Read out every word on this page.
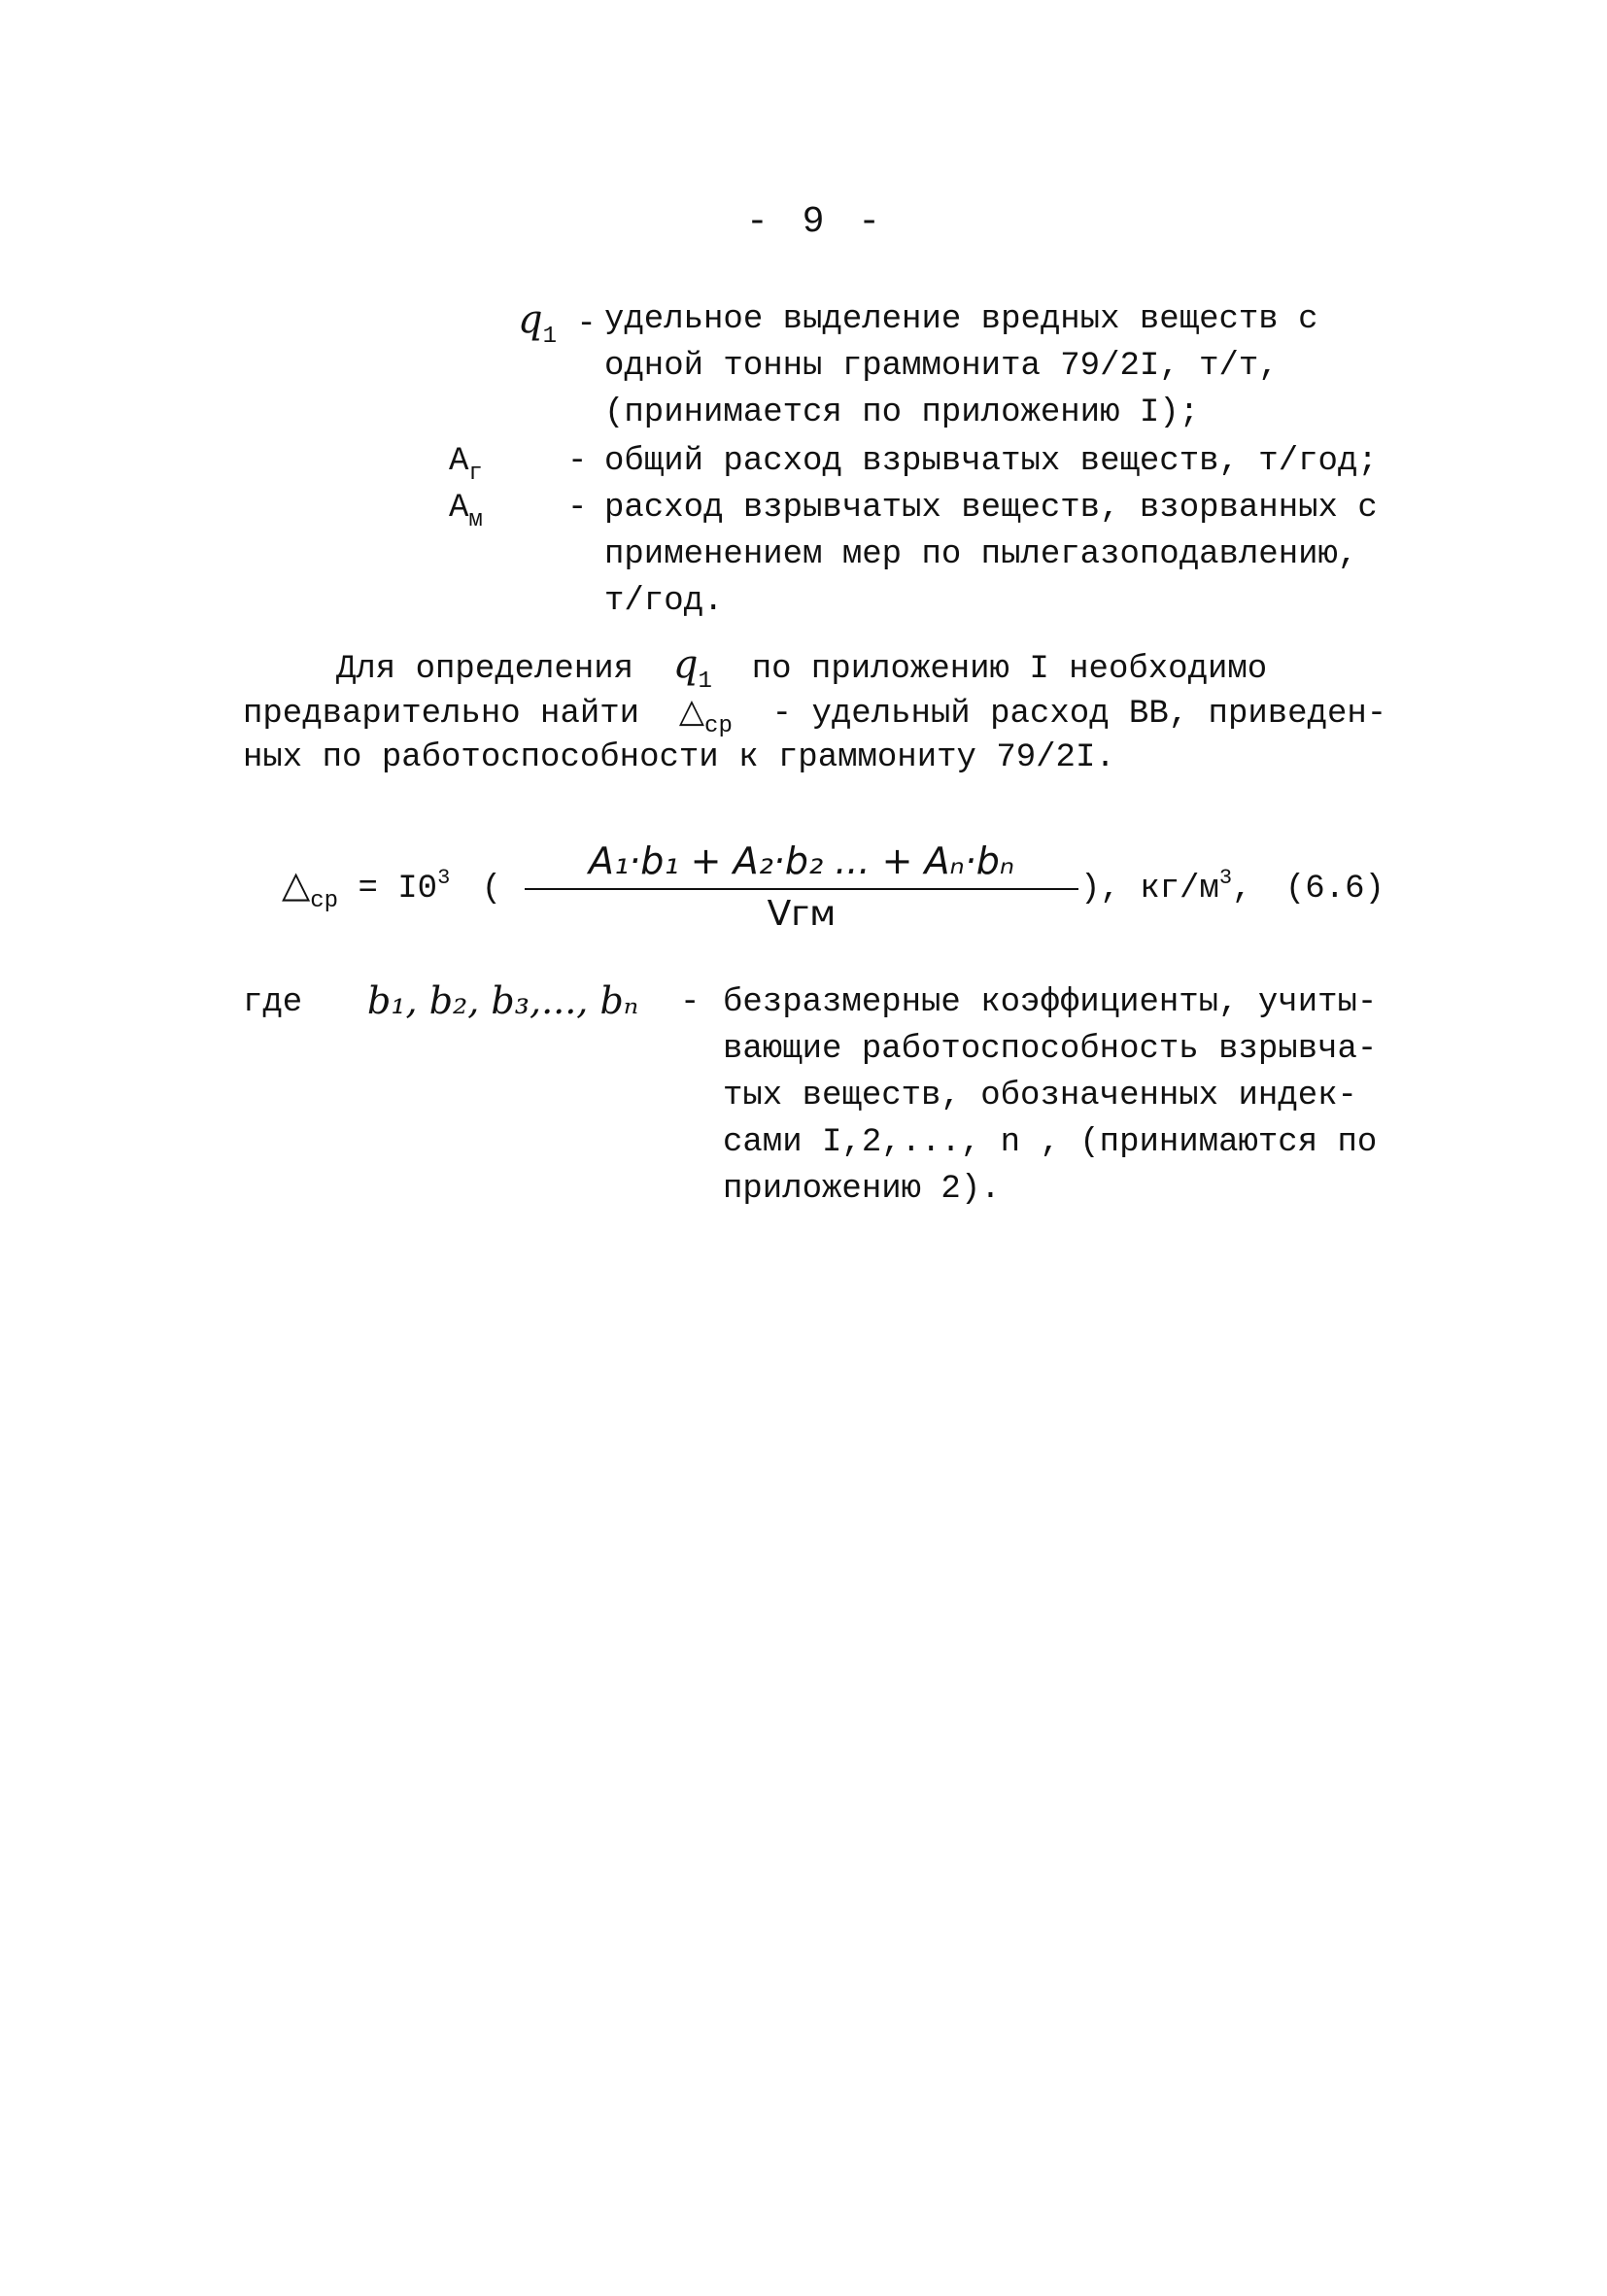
- 9 -
$q_1$ - удельное выделение вредных веществ с
одной тонны граммонита 79/2I, т/т,
(принимается по приложению I);
$A_г$	- общий расход взрывчатых веществ, т/год;
$A_м$	- расход взрывчатых веществ, взорванных с
применением мер по пылегазоподавлению,
т/год.
Для определения $q_1$ по приложению I необходимо
предварительно найти $\triangle_{ср}$ - удельный расход ВВ, приведен-
ных по работоспособности к граммониту 79/2I.
$\triangle_{ср} = I0^3$ (
A₁·b₁ + A₂·b₂ ... + Aₙ·bₙ
Vгм
), $кг/м^3$, (6.6)
где b₁, b₂, b₃,..., bₙ - безразмерные коэффициенты, учиты-
вающие работоспособность взрывча-
тых веществ, обозначенных индек-
сами I,2,..., n , (принимаются по
приложению 2).
